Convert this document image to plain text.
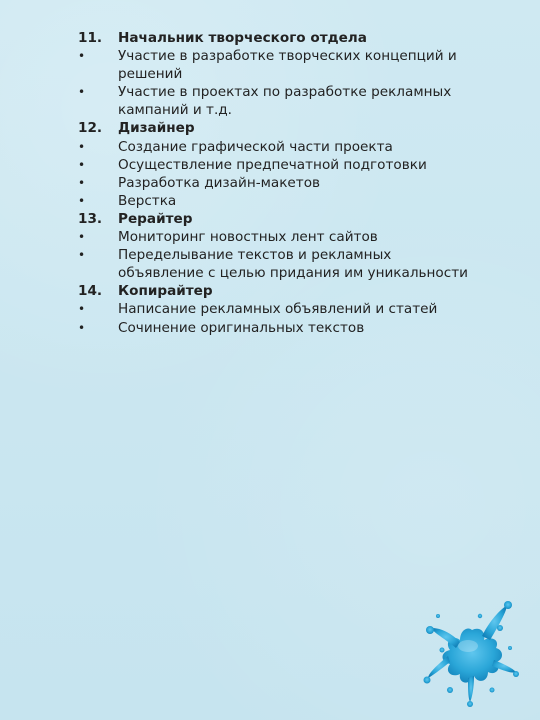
11.	Начальник творческого отдела
•	Участие в разработке творческих концепций и
решений
•	Участие в проектах по разработке рекламных
кампаний и т.д.
12.	Дизайнер
•	Создание графической части проекта
•	Осуществление предпечатной подготовки
•	Разработка дизайн-макетов
•	Верстка
13.	Рерайтер
•	Мониторинг новостных лент сайтов
•	Переделывание текстов и рекламных
объявление с целью придания им уникальности
14.	Копирайтер
•	Написание рекламных объявлений и статей
•	Сочинение оригинальных текстов
